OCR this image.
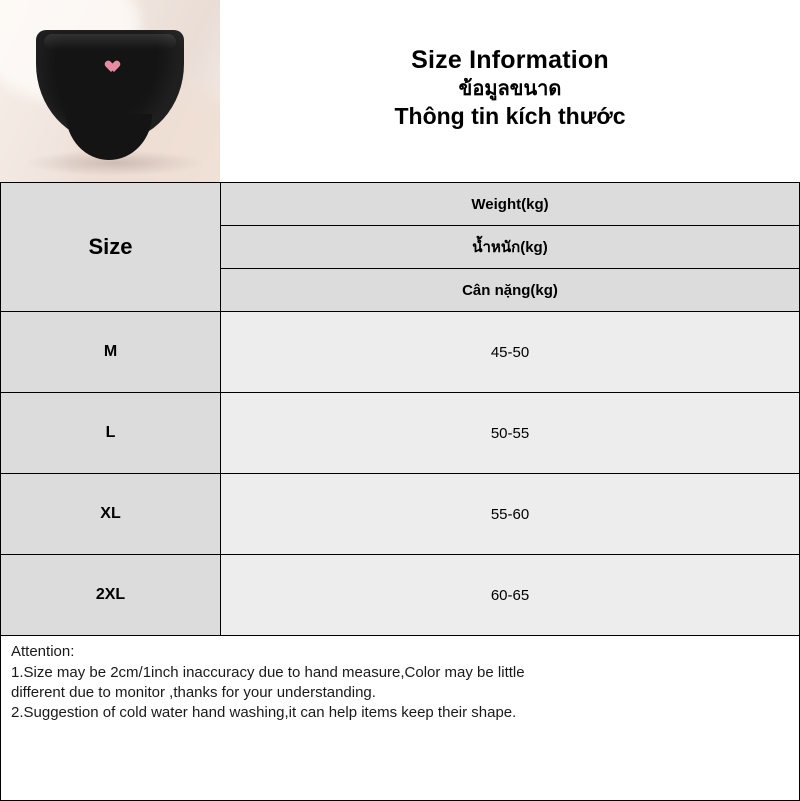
Size Information
ข้อมูลขนาด
Thông tin kích thước
Size	Weight(kg)
	น้ำหนัก(kg)
	Cân nặng(kg)
M	45-50
L	50-55
XL	55-60
2XL	60-65

Attention:

1.Size may be 2cm/1inch inaccuracy due to hand measure,Color may be little

different due to monitor ,thanks for your understanding.

2.Suggestion of cold water hand washing,it can help items keep their shape.
